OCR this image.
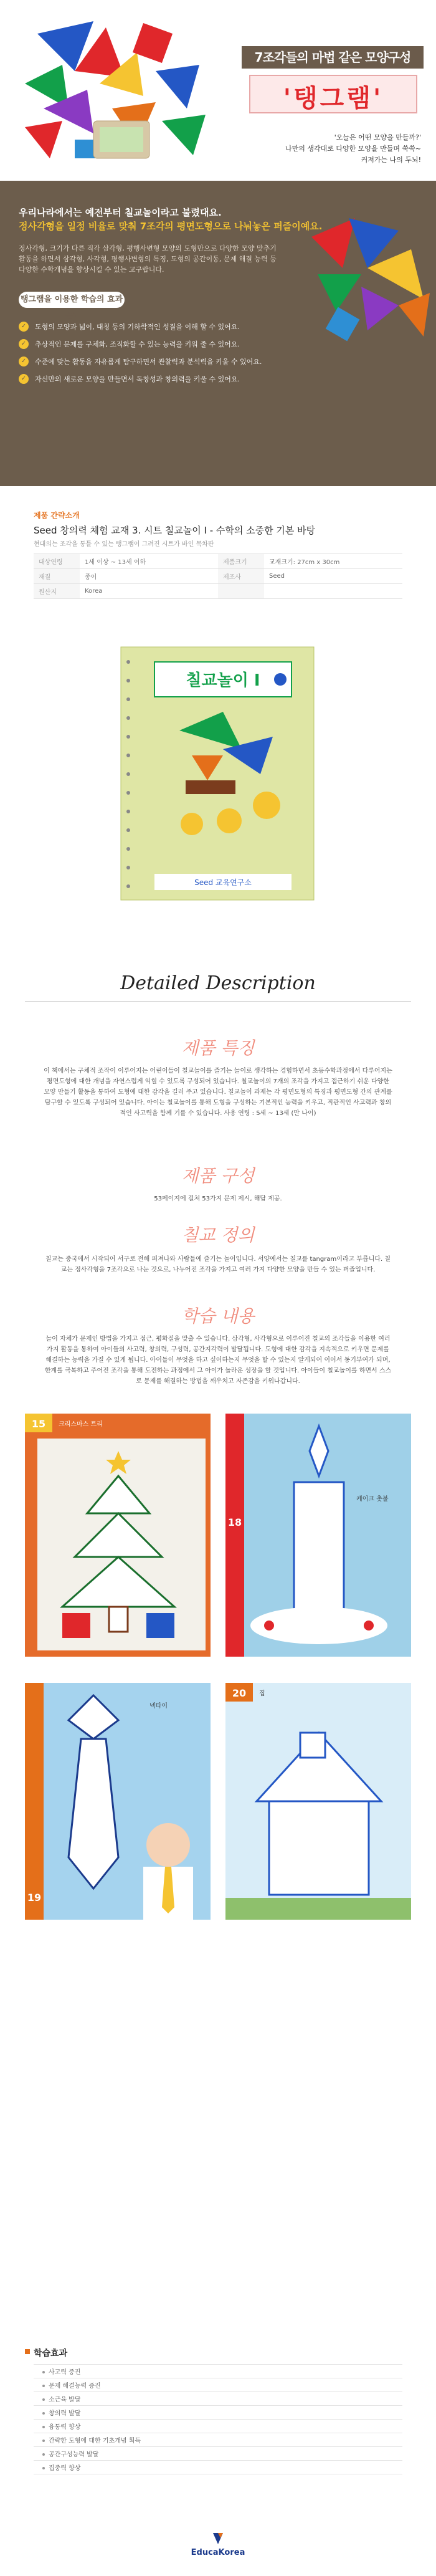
7조각들의 마법 같은 모양구성
'탱그램'
'오늘은 어떤 모양을 만들까?'
나만의 생각대로 다양한 모양을 만들며 쑥쑥~
커져가는 나의 두뇌!
우리나라에서는 예전부터 칠교놀이라고 불렸대요.
정사각형을 일정 비율로 맞춰 7조각의 평면도형으로 나눠놓은 퍼즐이예요.
정사각형, 크기가 다른 직각 삼각형, 평행사변형 모양의 도형만으로 다양한 모양 맞추기 활동을 하면서 삼각형, 사각형, 평행사변형의 특징, 도형의 공간이동, 문제 해결 능력 등 다양한 수학개념을 향상시킬 수 있는 교구랍니다.
탱그램을 이용한 학습의 효과는?
✓	도형의 모양과 넓이, 대칭 등의 기하학적인 성질을 이해 할 수 있어요.
✓	추상적인 문제를 구체화, 조직화할 수 있는 능력을 키워 줄 수 있어요.
✓	수준에 맞는 활동을 자유롭게 탐구하면서 관찰력과 분석력을 키울 수 있어요.
✓	자신만의 새로운 모양을 만들면서 독창성과 창의력을 키울 수 있어요.
제품 간략소개
Seed 창의력 체험 교재 3. 시트 칠교놀이 I - 수학의 소중한 기본 바탕
현대의는 조각을 통틀 수 있는 탱그램이 그려진 시트가 바인 목차판
대상연령	1세 이상 ~ 13세 이하	제품크기	교재크기: 27cm x 30cm
재질	종이	제조사	Seed
원산지	Korea		
칠교놀이 I
Seed 교육연구소
Detailed Description
제품 특징
이 책에서는 구체적 조작이 이루어지는 어린이들이 칠교놀이를 즐기는 놀이로 생각하는 경험하면서 초등수학과정에서 다루어지는 평면도형에 대한 개념을 자연스럽게 익힐 수 있도록 구성되어 있습니다. 칠교놀이의 7개의 조각을 가지고 접근하기 쉬운 다양한 모양 만들기 활동을 통하여 도형에 대한 감각을 길러 주고 있습니다. 칠교놀이 과제는 각 평면도형의 특징과 평면도형 간의 관계를 탐구할 수 있도록 구성되어 있습니다. 아이는 칠교놀이를 통해 도형을 구성하는 기본적인 능력을 키우고, 직관적인 사고력과 창의적인 사고력을 함께 기를 수 있습니다. 사용 연령 : 5세 ~ 13세 (만 나이)
제품 구성
53페이지에 걸쳐 53가지 문제 제시, 해답 제공.
칠교 정의
칠교는 중국에서 시작되어 서구로 전해 퍼져나와 사람들에 즐기는 놀이입니다. 서양에서는 칠교를 tangram이라고 부릅니다. 칠교는 정사각형을 7조각으로 나눈 것으로, 나누어진 조각을 가지고 여러 가지 다양한 모양을 만들 수 있는 퍼즐입니다.
학습 내용
놀이 자체가 문제인 방법을 가지고 접근, 평화질을 맞출 수 있습니다. 삼각형, 사각형으로 이루어진 칠교의 조각들을 이용한 여러 가지 활동을 통하여 아이들의 사고력, 창의력, 구성력, 공간지각력이 발달됩니다. 도형에 대한 감각을 지속적으로 키우면 문제를 해결하는 능력을 가질 수 있게 됩니다. 아이들이 무엇을 하고 싶어하는지 무엇을 할 수 있는지 알게되어 이어서 동기부여가 되며, 한계를 극복하고 주어진 조각을 통해 도전하는 과정에서 그 아이가 놀라운 성장을 할 것입니다. 아이들이 칠교놀이를 하면서 스스로 문제를 해결하는 방법을 깨우치고 자존감을 키워나갑니다.
15 크리스마스 트리
18
케이크 촛불
19
넥타이
20 집
학습효과
사고력 증진
문제 해결능력 증진
소근육 발달
창의력 발달
융통력 향상
간략한 도형에 대한 기초개념 획득
공간구성능력 발달
집중력 향상
EducaKorea
